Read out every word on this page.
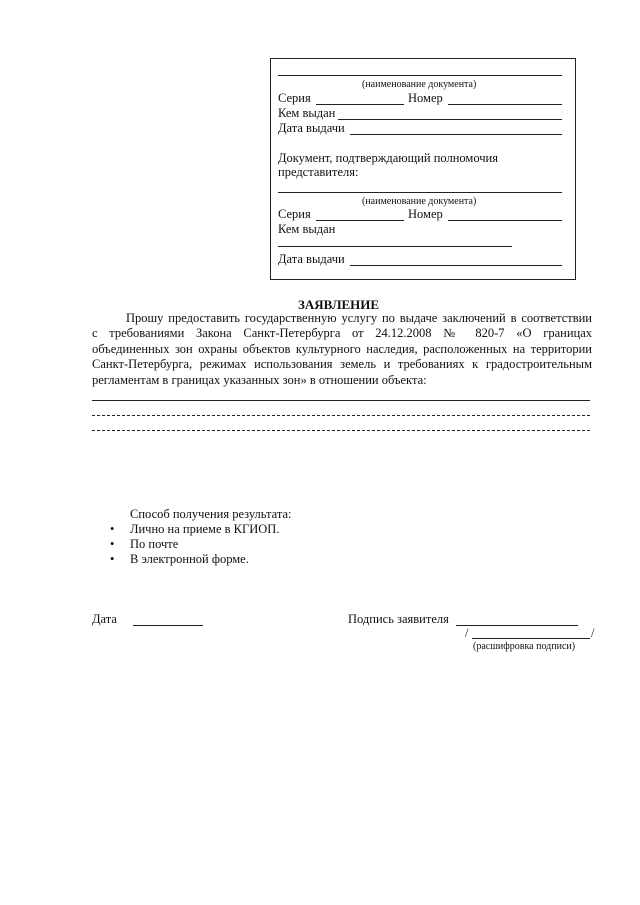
(наименование документа)
Серия	Номер
Кем выдан
Дата выдачи
Документ, подтверждающий полномочия
представителя:
(наименование документа)
Серия	Номер
Кем выдан
Дата выдачи
ЗАЯВЛЕНИЕ
Прошу предоставить государственную услугу по выдаче заключений в соответствии
с требованиями Закона Санкт-Петербурга от 24.12.2008 № 820-7 «О границах
объединенных зон охраны объектов культурного наследия, расположенных на территории
Санкт-Петербурга, режимах использования земель и требованиях к градостроительным
регламентам в границах указанных зон» в отношении объекта:
Способ получения результата:
• Лично на приеме в КГИОП.
• По почте
• В электронной форме.
Дата	Подпись заявителя
/	/
(расшифровка подписи)
